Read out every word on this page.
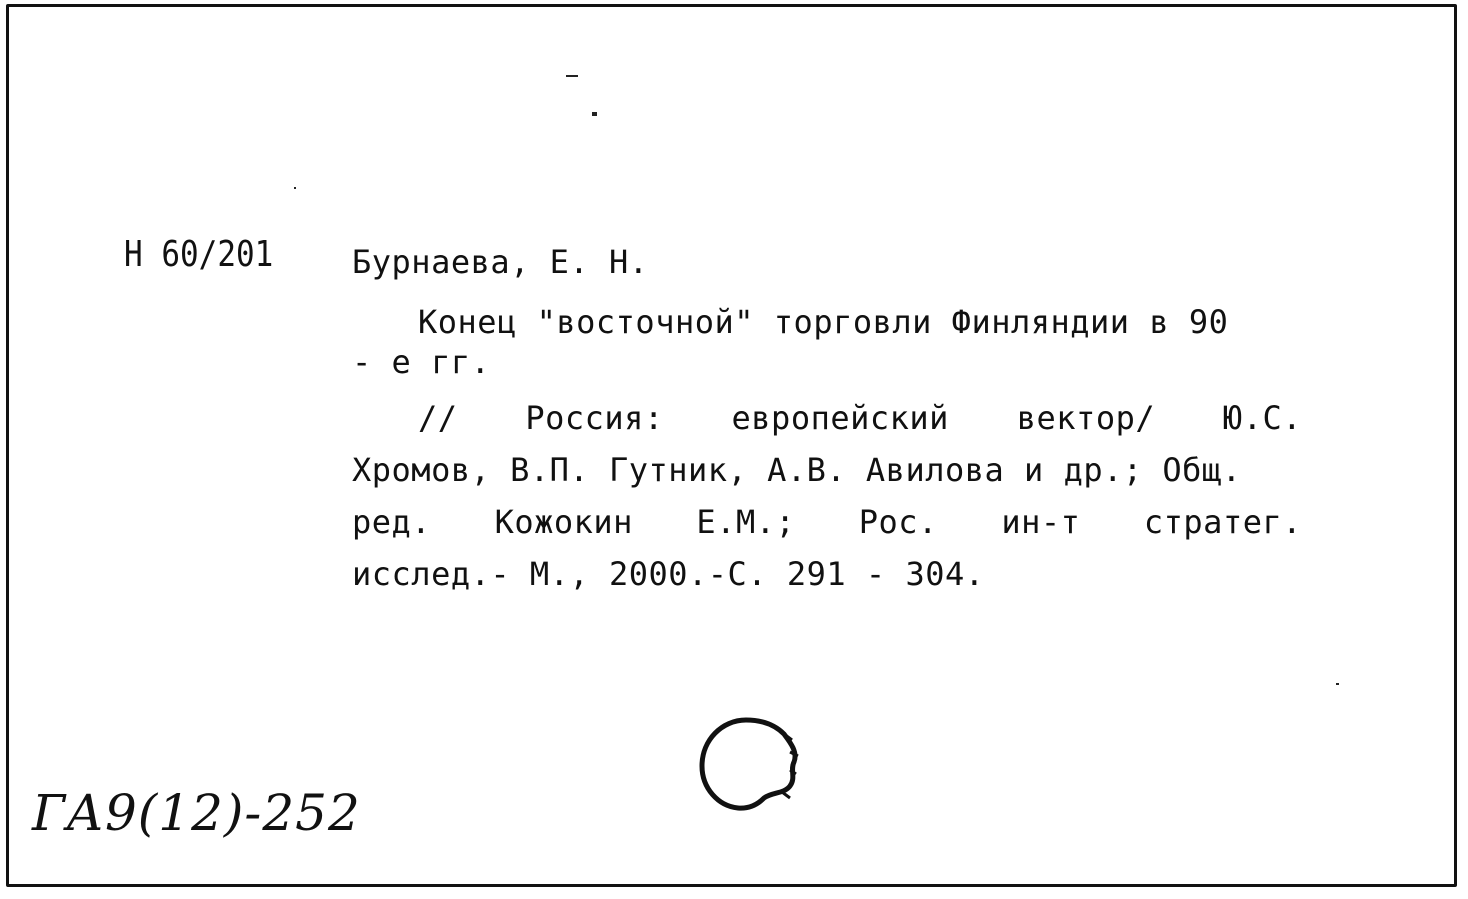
Н 60/201 Бурнаева, Е. Н.
Конец "восточной" торговли Финляндии в 90
- е гг.
// Россия: европейский вектор/ Ю.С.
Хромов, В.П. Гутник, А.В. Авилова и др.; Общ.
ред. Кожокин Е.М.; Рос. ин-т стратег.
исслед.- М., 2000.-С. 291 - 304.
ГА9(12)-252
